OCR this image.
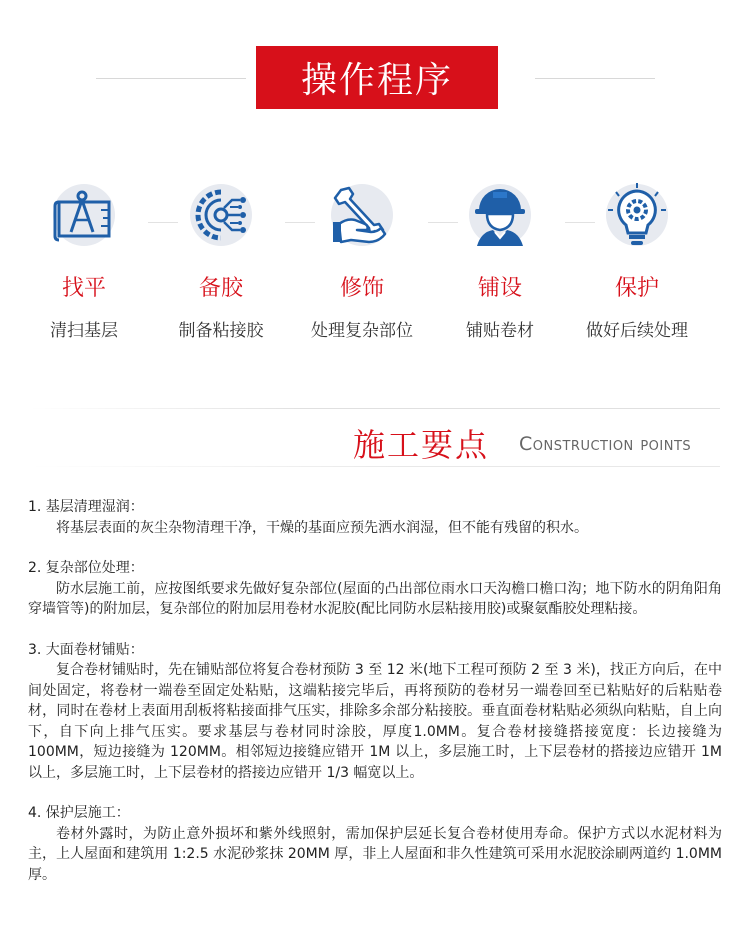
操作程序
找平
清扫基层
备胶
制备粘接胶
修饰
处理复杂部位
铺设
铺贴卷材
保护
做好后续处理
施工要点 Construction points

1. 基层清理湿润：

将基层表面的灰尘杂物清理干净，干燥的基面应预先洒水润湿，但不能有残留的积水。

2. 复杂部位处理：

防水层施工前，应按图纸要求先做好复杂部位(屋面的凸出部位雨水口天沟檐口檐口沟；地下防水的阴角阳角穿墙管等)的附加层，复杂部位的附加层用卷材水泥胶(配比同防水层粘接用胶)或聚氨酯胶处理粘接。

3. 大面卷材铺贴：

复合卷材铺贴时，先在铺贴部位将复合卷材预防 3 至 12 米(地下工程可预防 2 至 3 米)，找正方向后，在中间处固定，将卷材一端卷至固定处粘贴，这端粘接完毕后，再将预防的卷材另一端卷回至已粘贴好的后粘贴卷材，同时在卷材上表面用刮板将粘接面排气压实，排除多余部分粘接胶。垂直面卷材粘贴必须纵向粘贴，自上向下，自下向上排气压实。要求基层与卷材同时涂胶，厚度1.0MM。复合卷材接缝搭接宽度：长边接缝为 100MM，短边接缝为 120MM。相邻短边接缝应错开 1M 以上，多层施工时，上下层卷材的搭接边应错开 1M 以上，多层施工时，上下层卷材的搭接边应错开 1/3 幅宽以上。

4. 保护层施工：

卷材外露时，为防止意外损坏和紫外线照射，需加保护层延长复合卷材使用寿命。保护方式以水泥材料为主，上人屋面和建筑用 1:2.5 水泥砂浆抹 20MM 厚，非上人屋面和非久性建筑可采用水泥胶涂刷两道约 1.0MM 厚。
